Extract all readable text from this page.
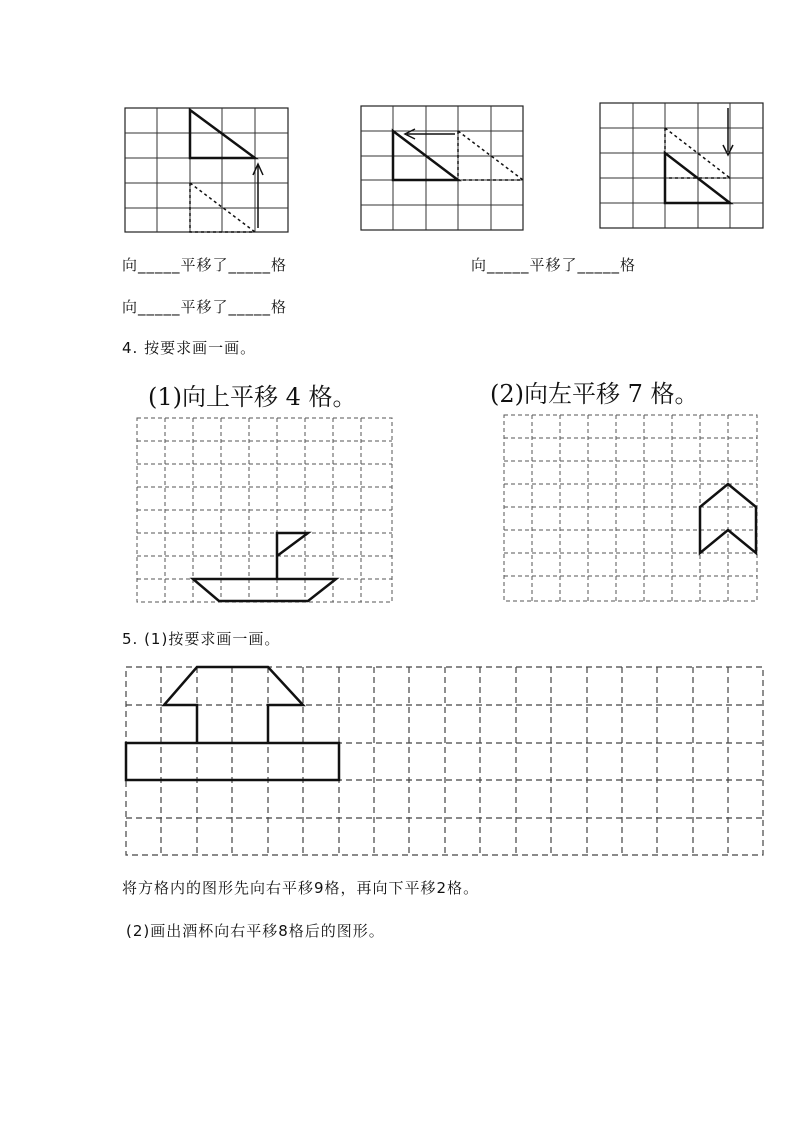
向_____平移了_____格	向_____平移了_____格
向_____平移了_____格
4. 按要求画一画。
(1)向上平移 4 格。	(2)向左平移 7 格。
5. (1)按要求画一画。
将方格内的图形先向右平移9格，再向下平移2格。
(2)画出酒杯向右平移8格后的图形。
